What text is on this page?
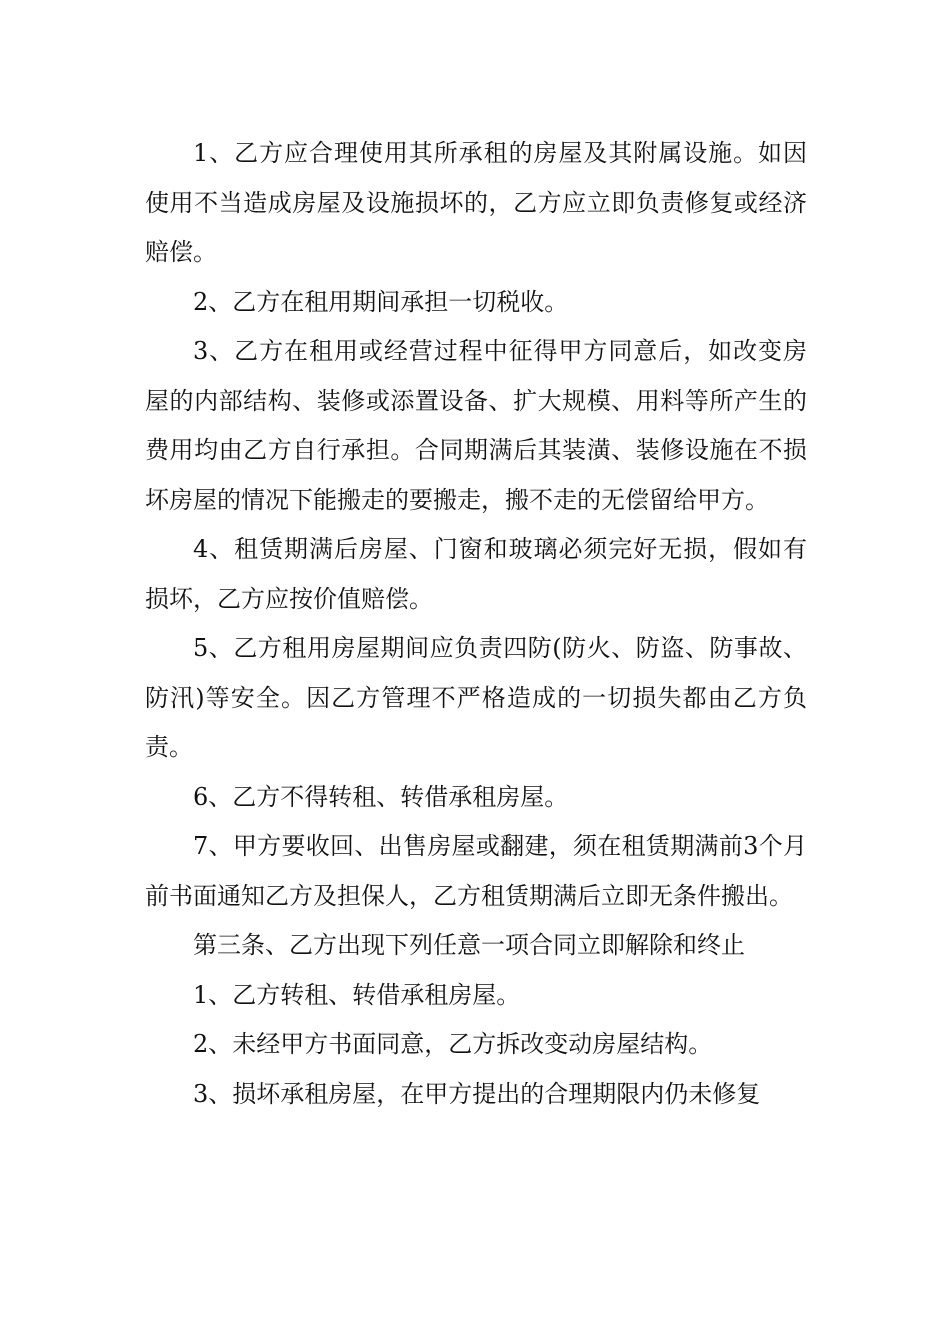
1、乙方应合理使用其所承租的房屋及其附属设施。如因使用不当造成房屋及设施损坏的，乙方应立即负责修复或经济赔偿。

2、乙方在租用期间承担一切税收。

3、乙方在租用或经营过程中征得甲方同意后，如改变房屋的内部结构、装修或添置设备、扩大规模、用料等所产生的费用均由乙方自行承担。合同期满后其装潢、装修设施在不损坏房屋的情况下能搬走的要搬走，搬不走的无偿留给甲方。

4、租赁期满后房屋、门窗和玻璃必须完好无损，假如有损坏，乙方应按价值赔偿。

5、乙方租用房屋期间应负责四防(防火、防盗、防事故、防汛)等安全。因乙方管理不严格造成的一切损失都由乙方负责。

6、乙方不得转租、转借承租房屋。

7、甲方要收回、出售房屋或翻建，须在租赁期满前3个月前书面通知乙方及担保人，乙方租赁期满后立即无条件搬出。

第三条、乙方出现下列任意一项合同立即解除和终止

1、乙方转租、转借承租房屋。

2、未经甲方书面同意，乙方拆改变动房屋结构。

3、损坏承租房屋，在甲方提出的合理期限内仍未修复
